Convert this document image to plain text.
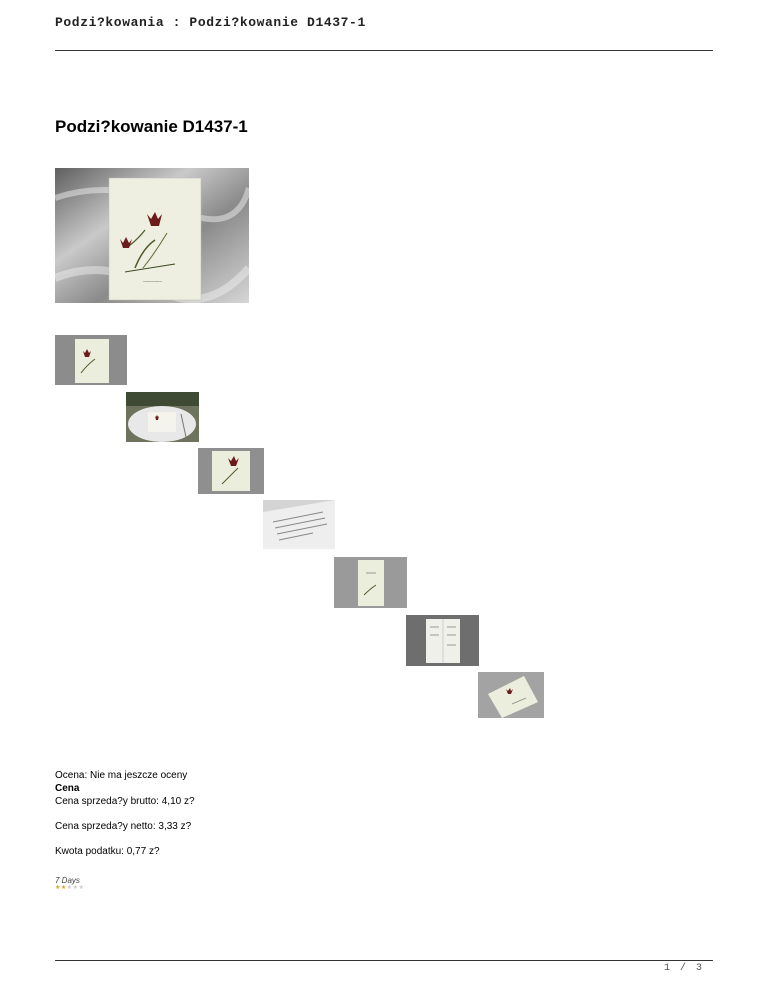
Podzi?kowania : Podzi?kowanie D1437-1
Podzi?kowanie D1437-1
~~~~~~~

Ocena: Nie ma jeszcze oceny

Cena

Cena sprzeda?y brutto: 4,10 z?

Cena sprzeda?y netto: 3,33 z?

Kwota podatku: 0,77 z?

7 Days
★★★★★
1 / 3
